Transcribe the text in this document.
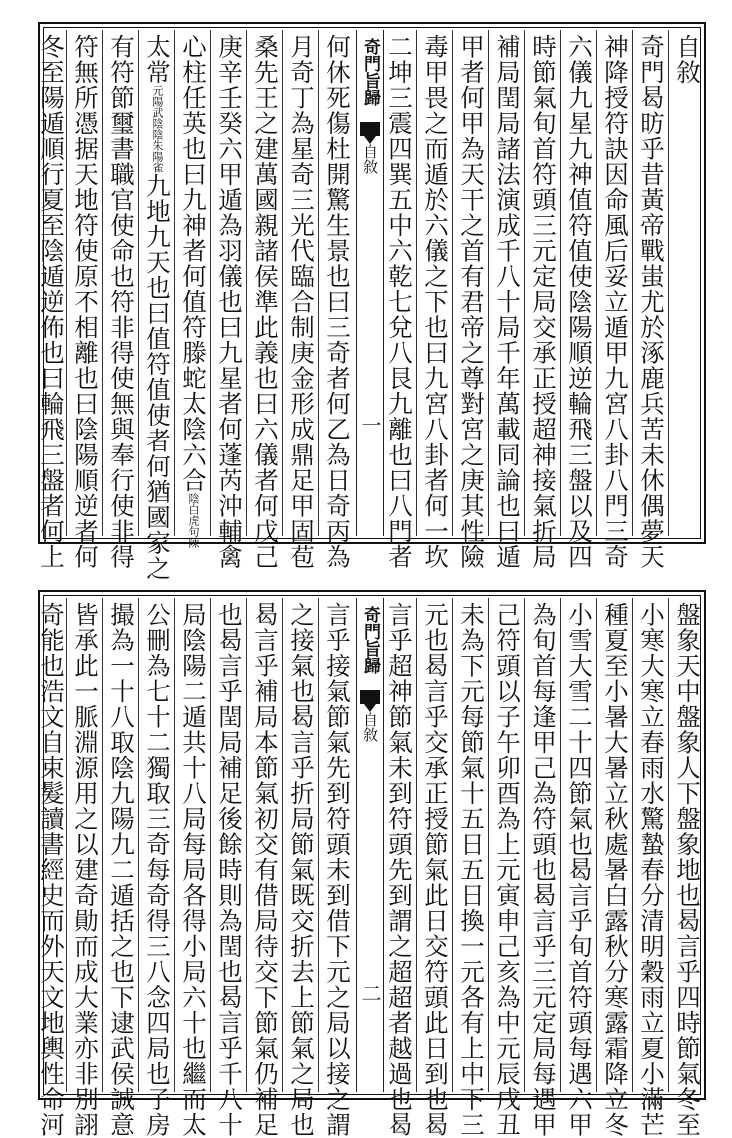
自敘
奇門曷昉乎昔黃帝戰蚩尤於涿鹿兵苦未休偶夢天
神降授符訣因命風后妥立遁甲九宮八卦八門三奇
六儀九星九神值符值使陰陽順逆輪飛三盤以及四
時節氣旬首符頭三元定局交承正授超神接氣折局
補局閏局諸法演成千八十局千年萬載同論也曰遁
甲者何甲為天干之首有君帝之尊對宮之庚其性險
毒甲畏之而遁於六儀之下也曰九宮八卦者何一坎
二坤三震四巽五中六乾七兌八艮九離也曰八門者
奇門旨歸
自敘
一
何休死傷杜開驚生景也曰三奇者何乙為日奇丙為
月奇丁為星奇三光代臨合制庚金形成鼎足甲固苞
桑先王之建萬國親諸侯準此義也曰六儀者何戊己
庚辛壬癸六甲遁為羽儀也曰九星者何蓬芮沖輔禽
心柱任英也曰九神者何值符滕蛇太陰六合陰白虎句陳
太常元陽武陰陰朱陽雀九地九天也曰值符值使者何猶國家之
有符節璽書職官使命也符非得使無與奉行使非得
符無所憑据天地符使原不相離也曰陰陽順逆者何
冬至陽遁順行夏至陰遁逆佈也曰輪飛三盤者何上
盤象天中盤象人下盤象地也曷言乎四時節氣冬至
小寒大寒立春雨水驚蟄春分清明穀雨立夏小滿芒
種夏至小暑大暑立秋處暑白露秋分寒露霜降立冬
小雪大雪二十四節氣也曷言乎旬首符頭每遇六甲
為旬首每逢甲己為符頭也曷言乎三元定局每遇甲
己符頭以子午卯酉為上元寅申己亥為中元辰戌丑
未為下元每節氣十五日五日換一元各有上中下三
元也曷言乎交承正授節氣此日交符頭此日到也曷
言乎超神節氣未到符頭先到謂之超超者越過也曷
奇門旨歸
自敘
二
言乎接氣節氣先到符頭未到借下元之局以接之謂
之接氣也曷言乎折局節氣既交折去上節氣之局也
曷言乎補局本節氣初交有借局待交下節氣仍補足
也曷言乎閏局補足後餘時則為閏也曷言乎千八十
局陰陽二遁共十八局每局各得小局六十也繼而太
公刪為七十二獨取三奇每奇得三八念四局也子房
撮為一十八取陰九陽九二遁括之也下逮武侯誠意
皆承此一脈淵源用之以建奇勛而成大業亦非別詡
奇能也浩文自束髮讀書經史而外天文地輿性命河
